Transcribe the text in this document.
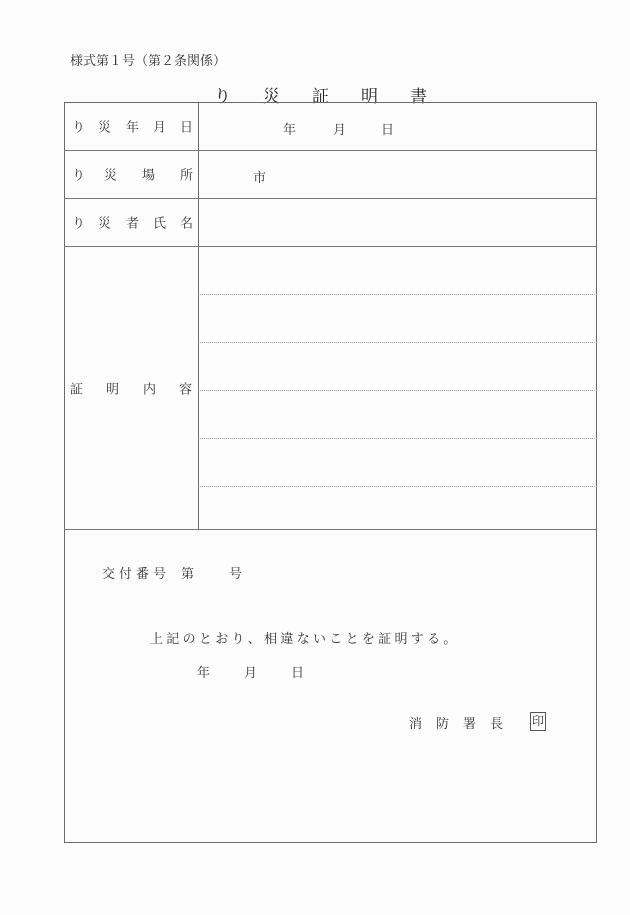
様式第１号（第２条関係）
り	災	証	明	書
り 災 年 月 日	年	月	日
り 災 場 所	市
り 災 者 氏 名
証 明 内 容
交付番号 第	号
上記のとおり、相違ないことを証明する。
年	月	日
消 防 署 長 印
